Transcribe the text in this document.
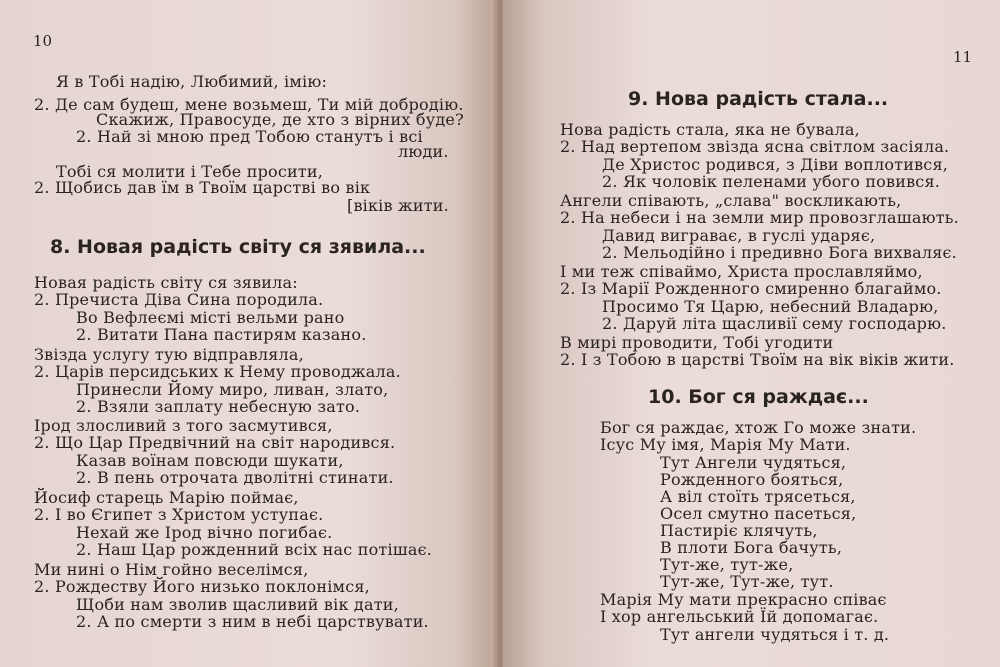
10
Я в Тобі надію, Любимий, імію:
2. Де сам будеш, мене возьмеш, Ти мій добродію.
Скажиж, Правосуде, де хто з вірних буде?
2. Най зі мною пред Тобою станутъ і всі
люди.
Тобі ся молити і Тебе просити,
2. Щобись дав їм в Твоїм царстві во вік
[віків жити.
8. Новая радість світу ся зявила...
Новая радість світу ся зявила:
2. Пречиста Діва Сина породила.
Во Вефлеємі місті вельми рано
2. Витати Пана пастирям казано.
Звізда услугу тую відправляла,
2. Царів персидських к Нему проводжала.
Принесли Йому миро, ливан, злато,
2. Взяли заплату небесную зато.
Ірод злосливий з того засмутився,
2. Що Цар Предвічний на світ народився.
Казав воїнам повсюди шукати,
2. В пень отрочата дволітні стинати.
Йосиф старець Марію поймає,
2. І во Єгипет з Христом уступає.
Нехай же Ірод вічно погибає.
2. Наш Цар рожденний всіх нас потішає.
Ми нині о Нім гойно веселімся,
2. Рождеству Його низько поклонімся,
Щоби нам зволив щасливий вік дати,
2. А по смерти з ним в небі царствувати.
11
9. Нова радість стала...
Нова радість стала, яка не бувала,
2. Над вертепом звізда ясна світлом засіяла.
Де Христос родився, з Діви воплотився,
2. Як чоловік пеленами убого повився.
Ангели співають, „слава" воскликають,
2. На небеси і на земли мир провозглашають.
Давид виграває, в гуслі ударяє,
2. Мельодійно і предивно Бога вихваляє.
І ми теж співаймо, Христа прославляймо,
2. Із Марії Рожденного смиренно благаймо.
Просимо Тя Царю, небесний Владарю,
2. Даруй літа щасливії сему господарю.
В мирі проводити, Тобі угодити
2. І з Тобою в царстві Твоїм на вік віків жити.
10. Бог ся раждає...
Бог ся раждає, хтож Го може знати.
Ісус Му імя, Марія Му Мати.
Тут Ангели чудяться,
Рожденного бояться,
А віл стоїть трясеться,
Осел смутно пасеться,
Пастиріє клячуть,
В плоти Бога бачуть,
Тут-же, тут-же,
Тут-же, Тут-же, тут.
Марія Му мати прекрасно співає
І хор ангельський Їй допомагає.
Тут ангели чудяться і т. д.
